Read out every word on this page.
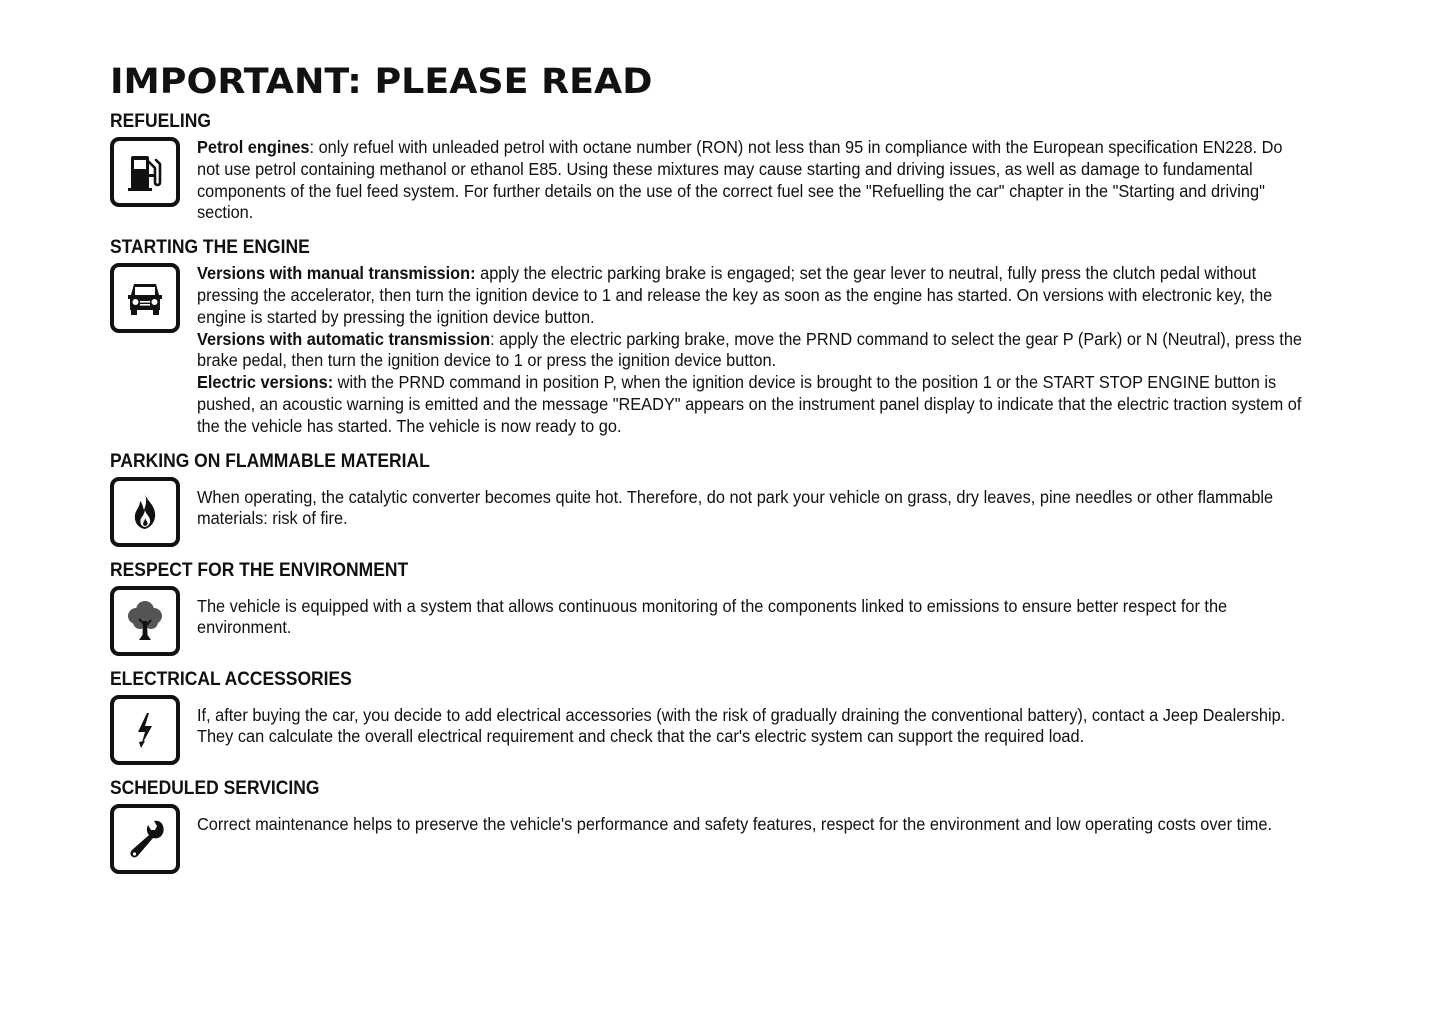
IMPORTANT: PLEASE READ
REFUELING

Petrol engines: only refuel with unleaded petrol with octane number (RON) not less than 95 in compliance with the European specification EN228. Do not use petrol containing methanol or ethanol E85. Using these mixtures may cause starting and driving issues, as well as damage to fundamental components of the fuel feed system. For further details on the use of the correct fuel see the "Refuelling the car" chapter in the "Starting and driving" section.

STARTING THE ENGINE

Versions with manual transmission: apply the electric parking brake is engaged; set the gear lever to neutral, fully press the clutch pedal without pressing the accelerator, then turn the ignition device to 1 and release the key as soon as the engine has started. On versions with electronic key, the engine is started by pressing the ignition device button.

Versions with automatic transmission: apply the electric parking brake, move the PRND command to select the gear P (Park) or N (Neutral), press the brake pedal, then turn the ignition device to 1 or press the ignition device button.

Electric versions: with the PRND command in position P, when the ignition device is brought to the position 1 or the START STOP ENGINE button is pushed, an acoustic warning is emitted and the message "READY" appears on the instrument panel display to indicate that the electric traction system of the the vehicle has started. The vehicle is now ready to go.

PARKING ON FLAMMABLE MATERIAL

When operating, the catalytic converter becomes quite hot. Therefore, do not park your vehicle on grass, dry leaves, pine needles or other flammable materials: risk of fire.

RESPECT FOR THE ENVIRONMENT

The vehicle is equipped with a system that allows continuous monitoring of the components linked to emissions to ensure better respect for the environment.

ELECTRICAL ACCESSORIES

If, after buying the car, you decide to add electrical accessories (with the risk of gradually draining the conventional battery), contact a Jeep Dealership. They can calculate the overall electrical requirement and check that the car's electric system can support the required load.

SCHEDULED SERVICING

Correct maintenance helps to preserve the vehicle's performance and safety features, respect for the environment and low operating costs over time.
